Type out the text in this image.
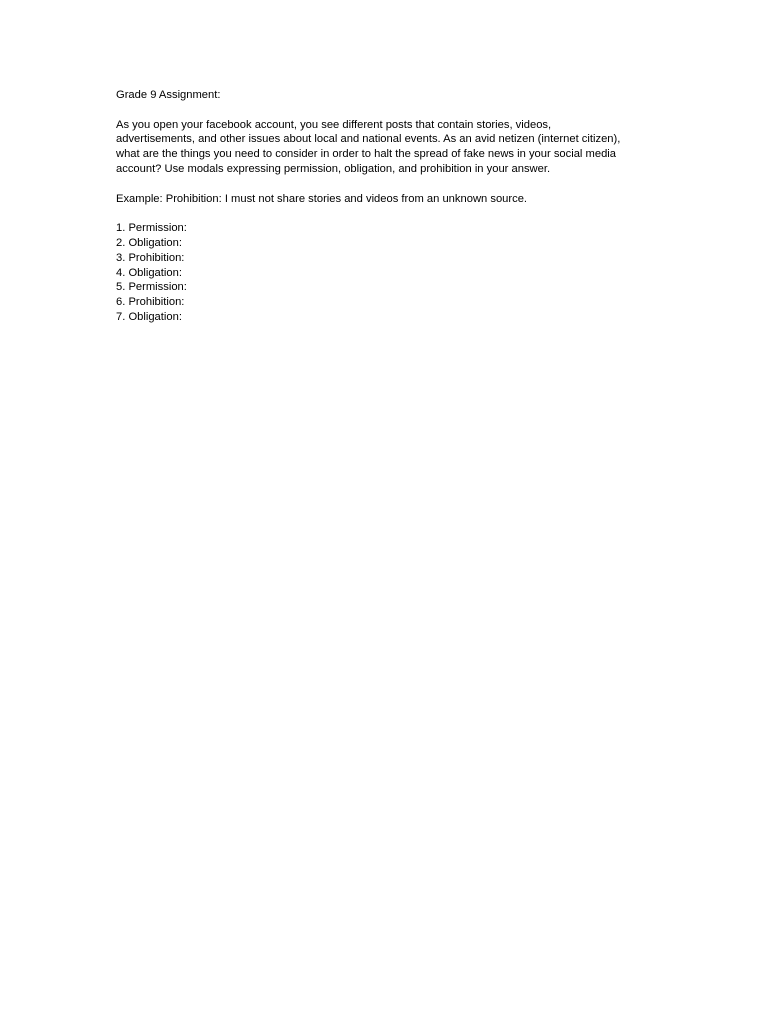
Grade 9 Assignment:
As you open your facebook account, you see different posts that contain stories, videos,
advertisements, and other issues about local and national events. As an avid netizen (internet citizen),
what are the things you need to consider in order to halt the spread of fake news in your social media
account? Use modals expressing permission, obligation, and prohibition in your answer.
Example: Prohibition: I must not share stories and videos from an unknown source.
1. Permission:
2. Obligation:
3. Prohibition:
4. Obligation:
5. Permission:
6. Prohibition:
7. Obligation:
